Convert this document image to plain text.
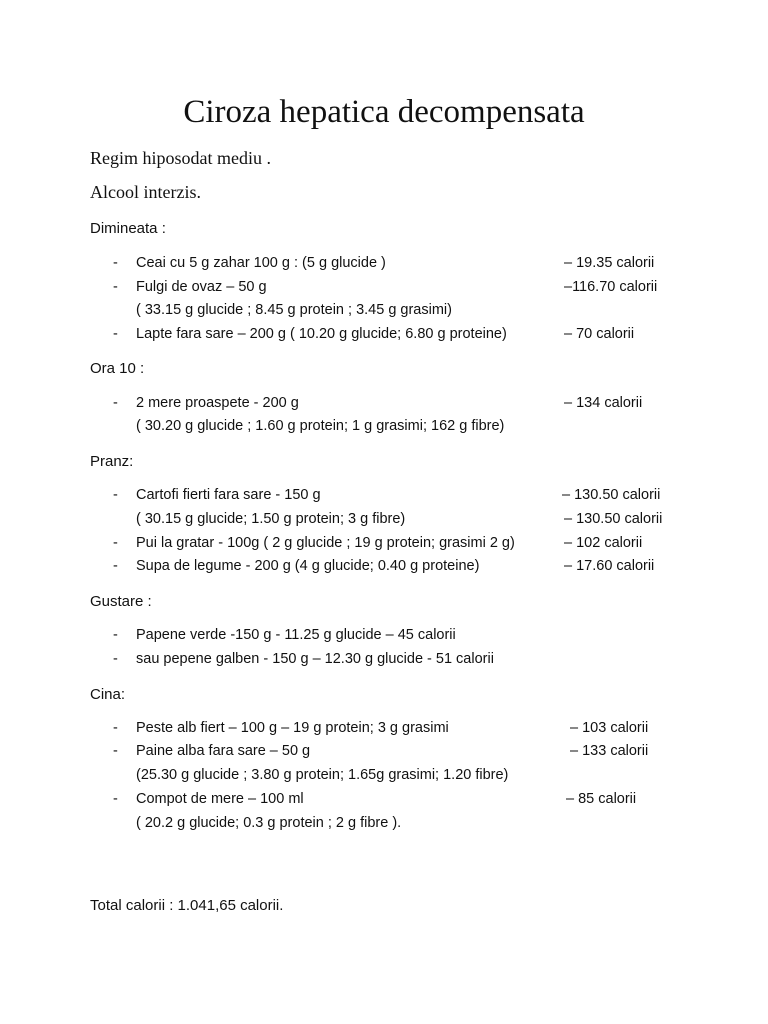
Ciroza hepatica decompensata
Regim hiposodat mediu .
Alcool interzis.
Dimineata :
- Ceai cu 5 g zahar 100 g : (5 g glucide )	– 19.35 calorii
- Fulgi de ovaz – 50 g	–116.70 calorii
( 33.15 g glucide ; 8.45 g protein ; 3.45 g grasimi)
- Lapte fara sare – 200 g ( 10.20 g glucide; 6.80 g proteine)	– 70 calorii
Ora 10 :
- 2 mere proaspete - 200 g	– 134 calorii
( 30.20 g glucide ; 1.60 g protein; 1 g grasimi; 162 g fibre)
Pranz:
- Cartofi fierti fara sare - 150 g	– 130.50 calorii
( 30.15 g glucide; 1.50 g protein; 3 g fibre)	– 130.50 calorii
- Pui la gratar - 100g ( 2 g glucide ; 19 g protein; grasimi 2 g)	– 102 calorii
- Supa de legume - 200 g (4 g glucide; 0.40 g proteine)	– 17.60 calorii
Gustare :
- Papene verde -150 g - 11.25 g glucide – 45 calorii
- sau pepene galben - 150 g – 12.30 g glucide - 51 calorii
Cina:
- Peste alb fiert – 100 g – 19 g protein; 3 g grasimi	– 103 calorii
- Paine alba fara sare – 50 g	– 133 calorii
(25.30 g glucide ; 3.80 g protein; 1.65g grasimi; 1.20 fibre)
- Compot de mere – 100 ml	– 85 calorii
( 20.2 g glucide; 0.3 g protein ; 2 g fibre ).
Total calorii : 1.041,65 calorii.
